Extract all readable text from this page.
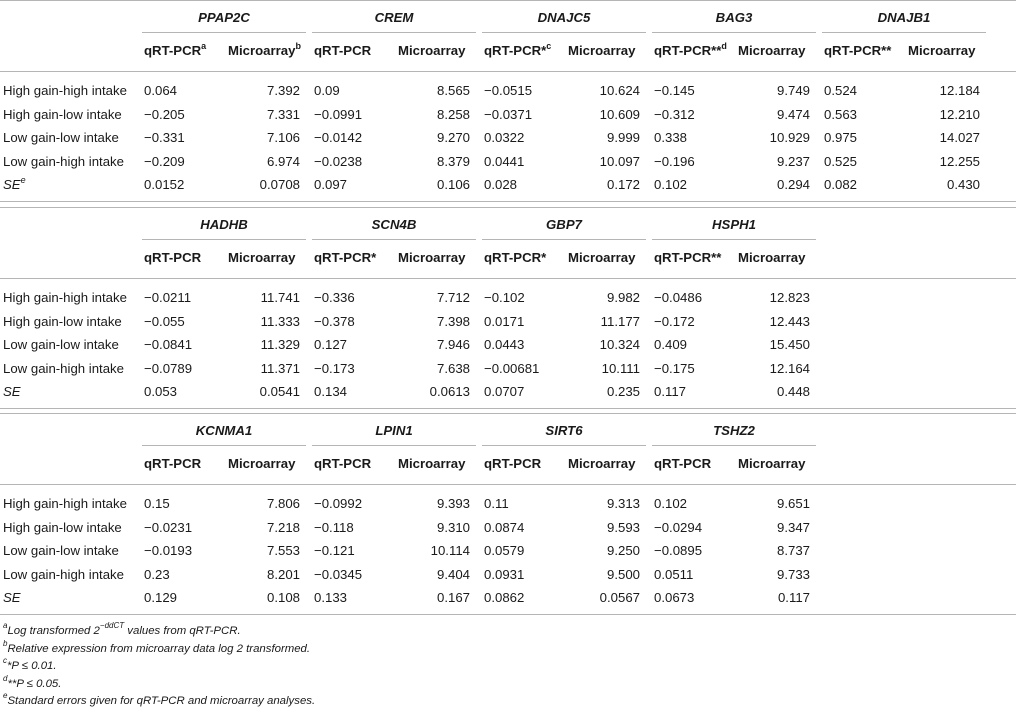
PPAP2C
qRT-PCR$^a$ Microarray$^b$
CREM
qRT-PCR Microarray
DNAJC5
qRT-PCR*$^c$ Microarray
BAG3
qRT-PCR**$^d$ Microarray
DNAJB1
qRT-PCR** Microarray
High gain-high intake 0.064	7.392 0.09	8.565 −0.0515	10.624 −0.145	9.749 0.524	12.184
High gain-low intake −0.205	7.331 −0.0991	8.258 −0.0371	10.609 −0.312	9.474 0.563	12.210
Low gain-low intake −0.331	7.106 −0.0142	9.270 0.0322	9.999 0.338	10.929 0.975	14.027
Low gain-high intake −0.209	6.974 −0.0238	8.379 0.0441	10.097 −0.196	9.237 0.525	12.255
$SE^e$	0.0152	0.0708 0.097	0.106 0.028	0.172 0.102	0.294 0.082	0.430
HADHB
qRT-PCR Microarray
SCN4B
qRT-PCR* Microarray
GBP7
qRT-PCR* Microarray
HSPH1
qRT-PCR** Microarray
High gain-high intake −0.0211	11.741 −0.336	7.712 −0.102	9.982 −0.0486	12.823
High gain-low intake −0.055	11.333 −0.378	7.398 0.0171	11.177 −0.172	12.443
Low gain-low intake −0.0841	11.329 0.127	7.946 0.0443	10.324 0.409	15.450
Low gain-high intake −0.0789	11.371 −0.173	7.638 −0.00681	10.111 −0.175	12.164
SE	0.053	0.0541 0.134	0.0613 0.0707	0.235 0.117	0.448
KCNMA1
qRT-PCR Microarray
LPIN1
qRT-PCR Microarray
SIRT6
qRT-PCR Microarray
TSHZ2
qRT-PCR Microarray
High gain-high intake 0.15	7.806 −0.0992	9.393 0.11	9.313 0.102	9.651
High gain-low intake −0.0231	7.218 −0.118	9.310 0.0874	9.593 −0.0294	9.347
Low gain-low intake −0.0193	7.553 −0.121	10.114 0.0579	9.250 −0.0895	8.737
Low gain-high intake 0.23	8.201 −0.0345	9.404 0.0931	9.500 0.0511	9.733
SE	0.129	0.108 0.133	0.167 0.0862	0.0567 0.0673	0.117
$^a$Log transformed $2^{-ddCT}$ values from qRT-PCR.
$^b$Relative expression from microarray data log 2 transformed.
$^c$*P ≤ 0.01.
$^d$**P ≤ 0.05.
$^e$Standard errors given for qRT-PCR and microarray analyses.
